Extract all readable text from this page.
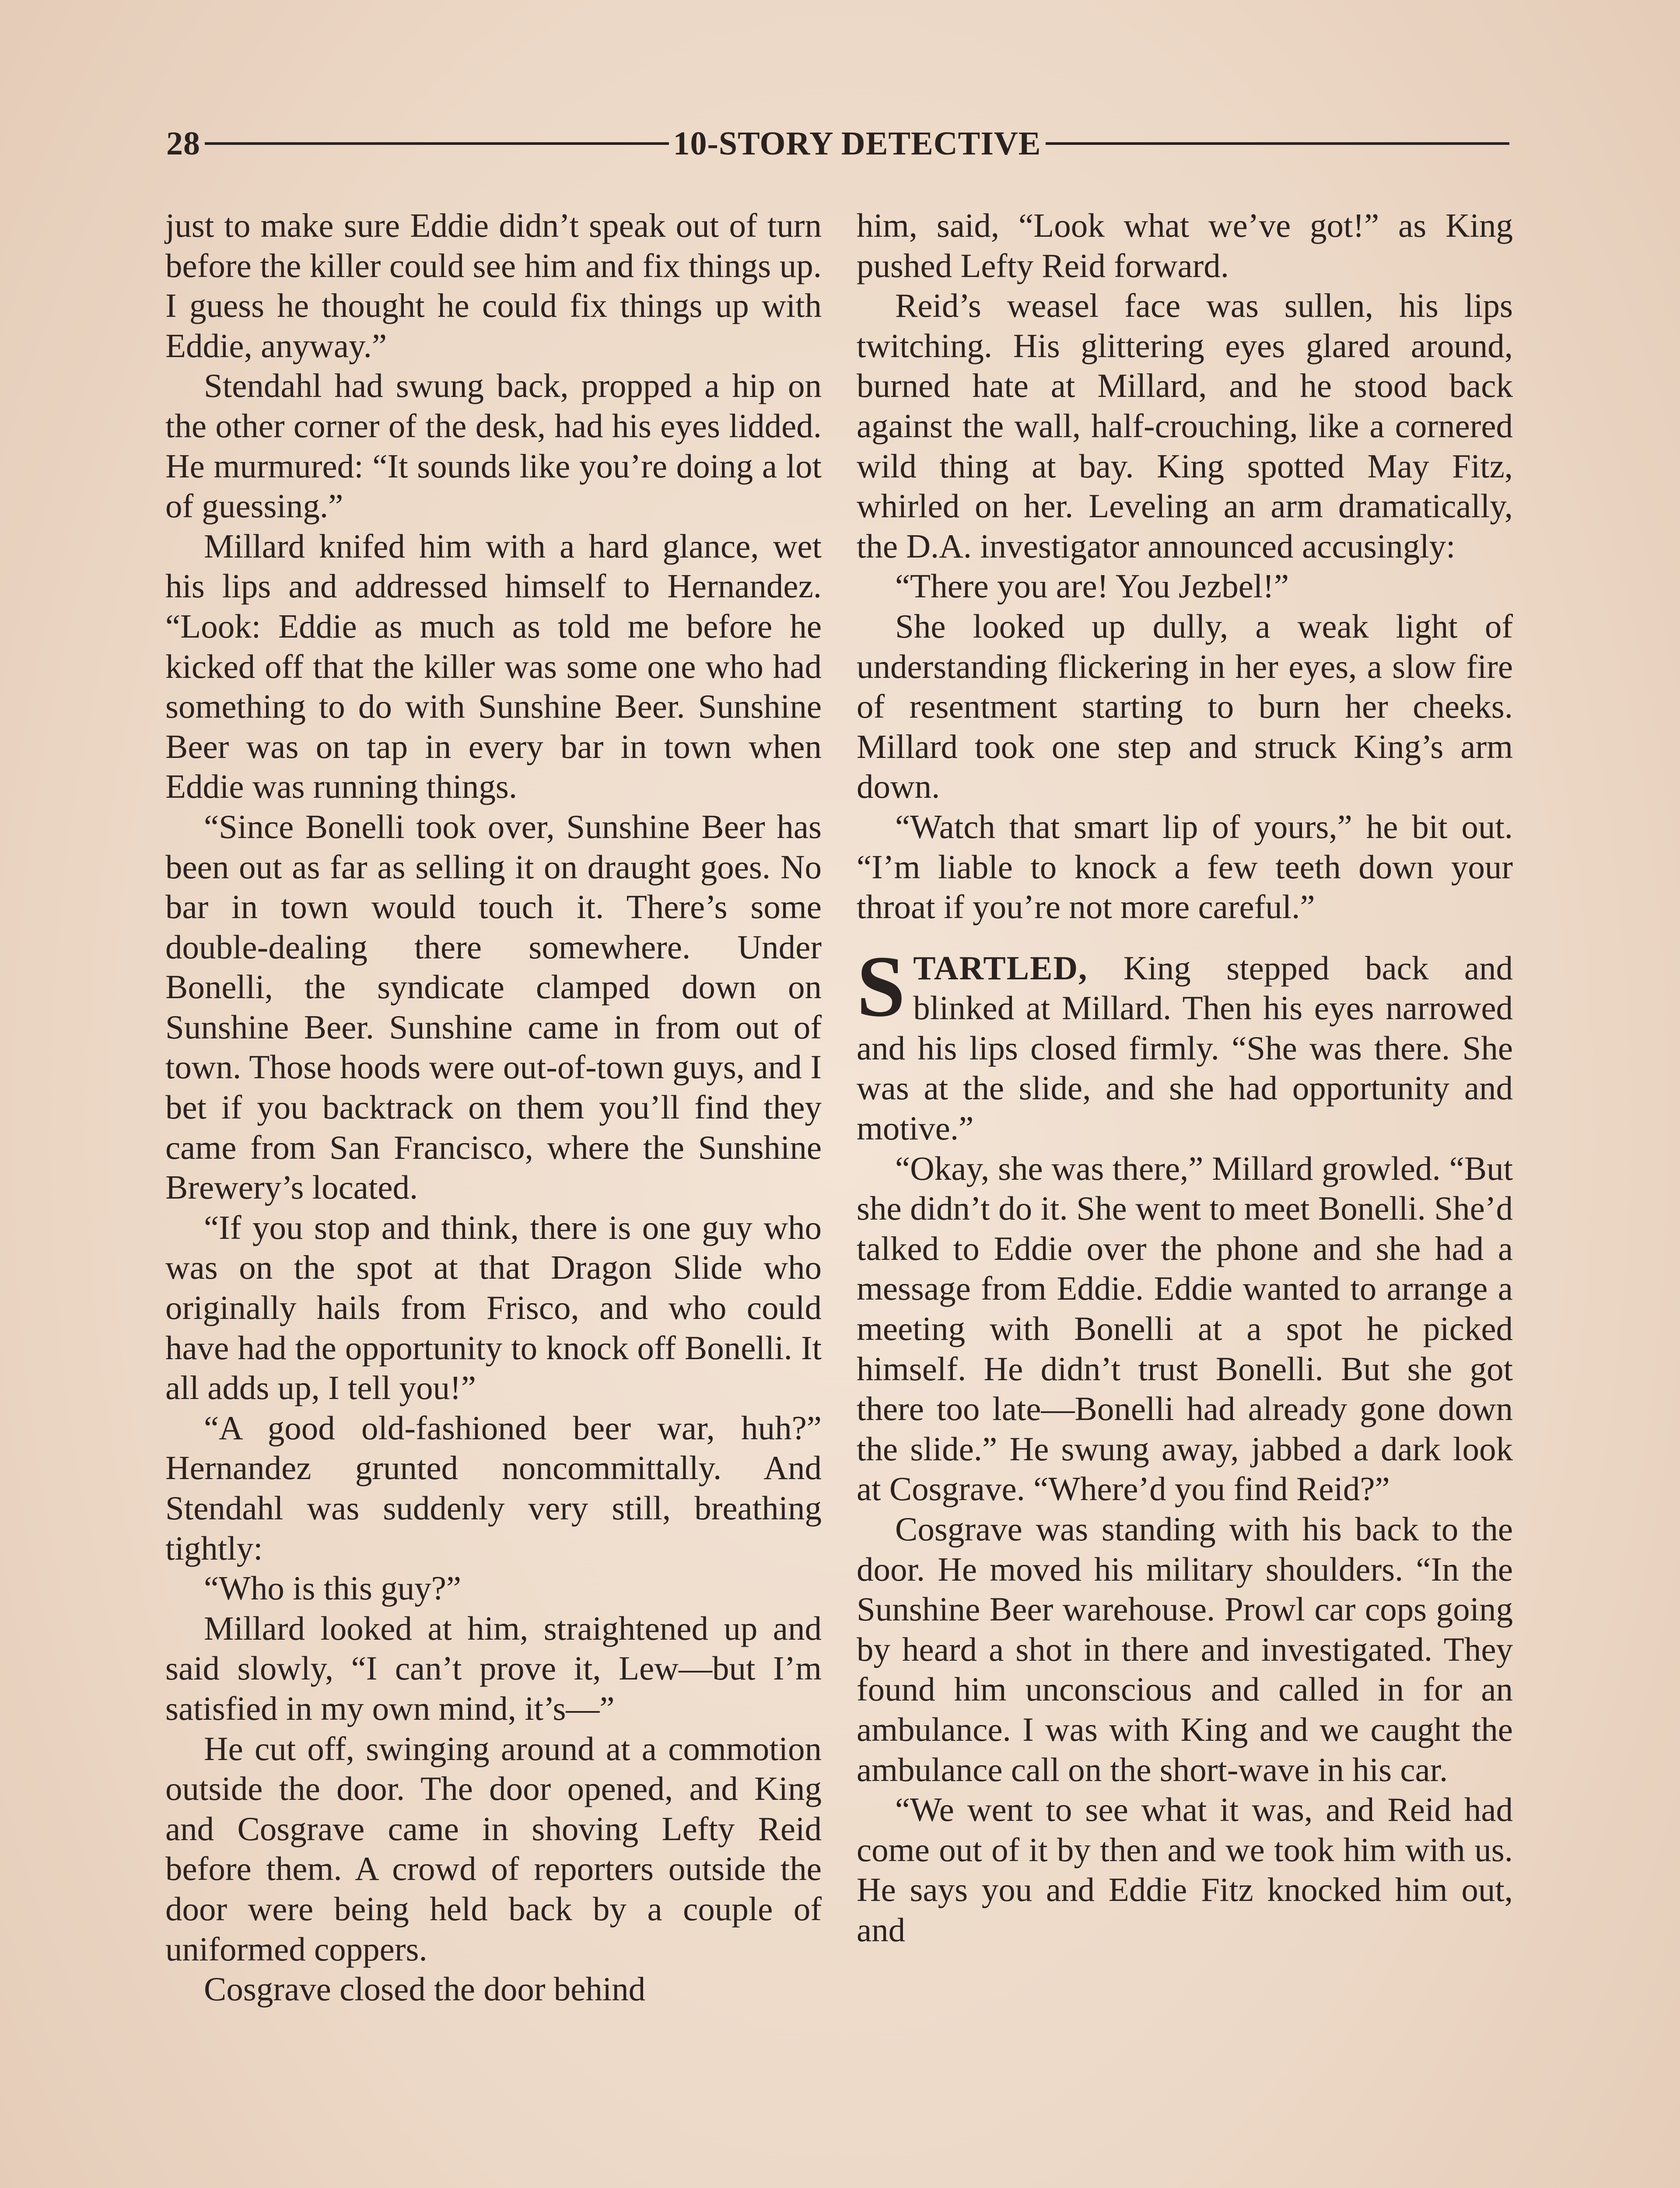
28	10-STORY DETECTIVE

just to make sure Eddie didn’t speak out of turn before the killer could see him and fix things up. I guess he thought he could fix things up with Eddie, anyway.”

Stendahl had swung back, propped a hip on the other corner of the desk, had his eyes lidded. He murmured: “It sounds like you’re doing a lot of guessing.”

Millard knifed him with a hard glance, wet his lips and addressed himself to Hernandez. “Look: Eddie as much as told me before he kicked off that the killer was some one who had something to do with Sunshine Beer. Sunshine Beer was on tap in every bar in town when Eddie was running things.

“Since Bonelli took over, Sunshine Beer has been out as far as selling it on draught goes. No bar in town would touch it. There’s some double-dealing there somewhere. Under Bonelli, the syndicate clamped down on Sunshine Beer. Sunshine came in from out of town. Those hoods were out-of-town guys, and I bet if you backtrack on them you’ll find they came from San Francisco, where the Sunshine Brewery’s located.

“If you stop and think, there is one guy who was on the spot at that Dragon Slide who originally hails from Frisco, and who could have had the opportunity to knock off Bonelli. It all adds up, I tell you!”

“A good old-fashioned beer war, huh?” Hernandez grunted noncommittally. And Stendahl was suddenly very still, breathing tightly:

“Who is this guy?”

Millard looked at him, straightened up and said slowly, “I can’t prove it, Lew—but I’m satisfied in my own mind, it’s—”

He cut off, swinging around at a commotion outside the door. The door opened, and King and Cosgrave came in shoving Lefty Reid before them. A crowd of reporters outside the door were being held back by a couple of uniformed coppers.

Cosgrave closed the door behind

him, said, “Look what we’ve got!” as King pushed Lefty Reid forward.

Reid’s weasel face was sullen, his lips twitching. His glittering eyes glared around, burned hate at Millard, and he stood back against the wall, half-crouching, like a cornered wild thing at bay. King spotted May Fitz, whirled on her. Leveling an arm dramatically, the D.A. investigator announced accusingly:

“There you are! You Jezbel!”

She looked up dully, a weak light of understanding flickering in her eyes, a slow fire of resentment starting to burn her cheeks. Millard took one step and struck King’s arm down.

“Watch that smart lip of yours,” he bit out. “I’m liable to knock a few teeth down your throat if you’re not more careful.”

STARTLED, King stepped back and blinked at Millard. Then his eyes narrowed and his lips closed firmly. “She was there. She was at the slide, and she had opportunity and motive.”

“Okay, she was there,” Millard growled. “But she didn’t do it. She went to meet Bonelli. She’d talked to Eddie over the phone and she had a message from Eddie. Eddie wanted to arrange a meeting with Bonelli at a spot he picked himself. He didn’t trust Bonelli. But she got there too late—Bonelli had already gone down the slide.” He swung away, jabbed a dark look at Cosgrave. “Where’d you find Reid?”

Cosgrave was standing with his back to the door. He moved his military shoulders. “In the Sunshine Beer warehouse. Prowl car cops going by heard a shot in there and investigated. They found him unconscious and called in for an ambulance. I was with King and we caught the ambulance call on the short-wave in his car.

“We went to see what it was, and Reid had come out of it by then and we took him with us. He says you and Eddie Fitz knocked him out, and
